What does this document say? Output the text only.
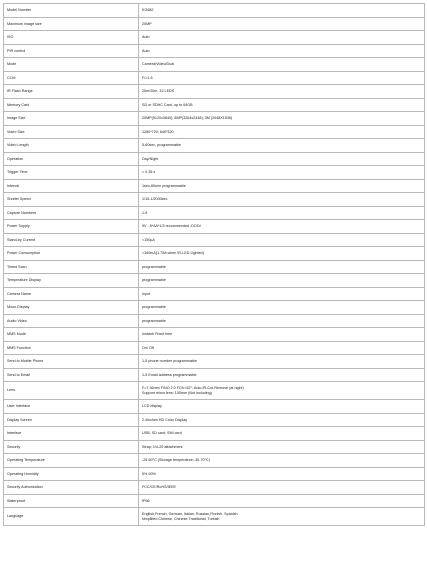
Model Number	KG682

Maximum image size	20MP

ISO	Auto

PIR control	Auto

Mode	Camera/Video/Dual

CCM	F/=1.6

IR Flash Range	25m/20m, 32 LEDS

Memory Card	SD or SDHC Card, up to 64GB

Image Size	20MP(5120x3840); 8MP(3264x2448); 3M (2048X1536)

Video Size	1280*720; 640*320

Video Length	5-60sec, programmable

Operation	Day/Night

Trigger Time	< 0.35 s

Interval	1sec-60min programmable

Shutter Speed	1/15-1/2000sec

Capture Numbers	1-9

Power Supply	9V ; 8*AA*1/3 recommended ;DC6V

Stand-by Current	<150µA

Power Consumption	<160mA(1.75A when IR-LED Lighted)

Timed Scan	programmable

Temperature Display	programmable

Camera Name	Input

Moon Display	programmable

Audio Video	programmable

MMS Mode	Instant/ Fixed time

MMS Function	On/ Off

Send to Mobile Phone	1-5 phone number programmable

Send to Email	1-5 Email address programmable

Lens	F=7.36mm F/NO 2.0 FOV=52°; Auto IR-Cut-Remove (at night)
Support micro lens: 150mm (Not including)

User Interface	LCD display

Display Screen	2.4inches HD Color Display

Interface	USB; SD card; SIM card

Security	Strap; 1/4-20 attachment

Operating Temperature	-25-60°C (Storage temperature:-30-70°C)

Operating Humidity	5%-90%

Security Authorization	FCC/CE/RoHS/IEEE

Waterproof	IP66

Language	English,French, German, Italian, Russian,Finnish, Spanish
simplified Chinese, Chinese Traditional, Turkish
